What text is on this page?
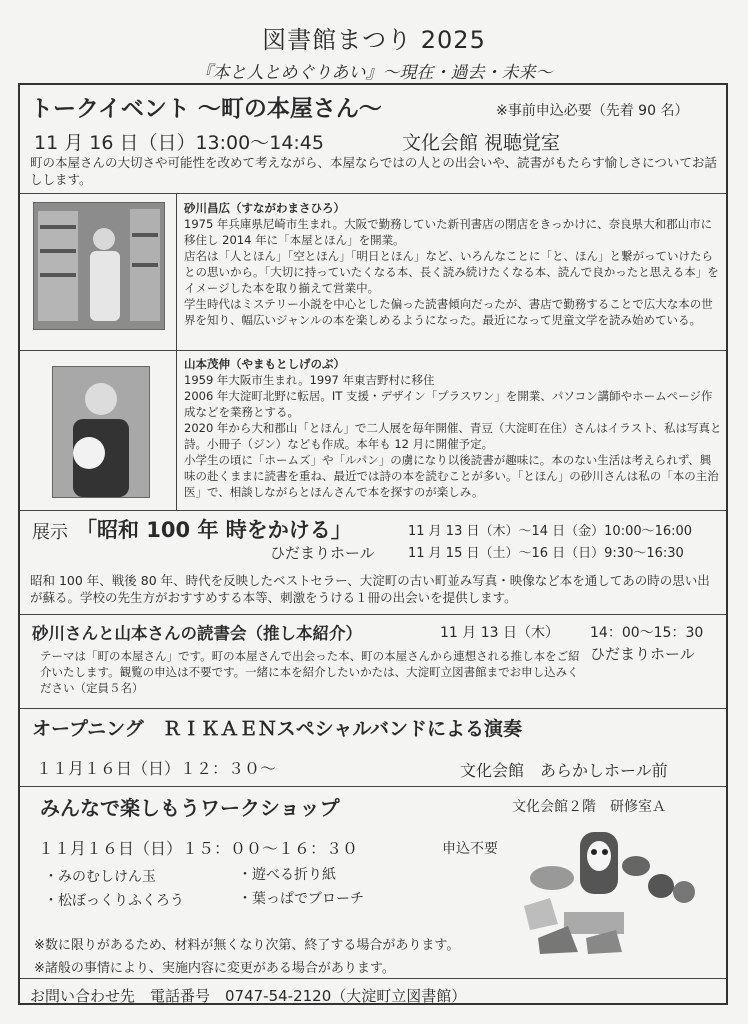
図書館まつり 2025
『本と人とめぐりあい』～現在・過去・未来～
トークイベント ～町の本屋さん～	※事前申込必要（先着 90 名）
11 月 16 日（日）13:00～14:45	文化会館 視聴覚室
町の本屋さんの大切さや可能性を改めて考えながら、本屋ならではの人との出会いや、読書がもたらす愉しさについてお話しします。

砂川昌広（すながわまさひろ）

1975 年兵庫県尼崎市生まれ。大阪で勤務していた新刊書店の閉店をきっかけに、奈良県大和郡山市に移住し 2014 年に「本屋とほん」を開業。

店名は「人とほん」「空とほん」「明日とほん」など、いろんなことに「と、ほん」と繋がっていけたらとの思いから。「大切に持っていたくなる本、長く読み続けたくなる本、読んで良かったと思える本」をイメージした本を取り揃えて営業中。

学生時代はミステリー小説を中心とした偏った読書傾向だったが、書店で勤務することで広大な本の世界を知り、幅広いジャンルの本を楽しめるようになった。最近になって児童文学を読み始めている。

山本茂伸（やまもとしげのぶ）

1959 年大阪市生まれ。1997 年東吉野村に移住

2006 年大淀町北野に転居。IT 支援・デザイン「プラスワン」を開業、パソコン講師やホームページ作成などを業務とする。

2020 年から大和郡山「とほん」で二人展を毎年開催、青豆（大淀町在住）さんはイラスト、私は写真と詩。小冊子（ジン）なども作成。本年も 12 月に開催予定。

小学生の頃に「ホームズ」や「ルパン」の虜になり以後読書が趣味に。本のない生活は考えられず、興味の赴くままに読書を重ね、最近では詩の本を読むことが多い。「とほん」の砂川さんは私の「本の主治医」で、相談しながらとほんさんで本を探すのが楽しみ。

展示 「昭和 100 年 時をかける」
ひだまりホール
11 月 13 日（木）～14 日（金）10:00～16:00
11 月 15 日（土）～16 日（日）9:30～16:30
昭和 100 年、戦後 80 年、時代を反映したベストセラー、大淀町の古い町並み写真・映像など本を通してあの時の思い出が蘇る。学校の先生方がおすすめする本等、刺激をうける１冊の出会いを提供します。
砂川さんと山本さんの読書会（推し本紹介）	11 月 13 日（木） 14：00～15：30
ひだまりホール
テーマは「町の本屋さん」です。町の本屋さんで出会った本、町の本屋さんから連想される推し本をご紹介いたします。観覧の申込は不要です。一緒に本を紹介したいかたは、大淀町立図書館までお申し込みください（定員５名）
オープニング　ＲＩＫＡＥＮスペシャルバンドによる演奏
１１月１６日（日）１２：３０～	文化会館　あらかしホール前
みんなで楽しもうワークショップ	文化会館２階　研修室Ａ
１１月１６日（日）１５：００～１６：３０	申込不要
・みのむしけん玉	・遊べる折り紙
・松ぼっくりふくろう	・葉っぱでブローチ
※数に限りがあるため、材料が無くなり次第、終了する場合があります。
※諸般の事情により、実施内容に変更がある場合があります。
お問い合わせ先　電話番号　0747-54-2120（大淀町立図書館）
